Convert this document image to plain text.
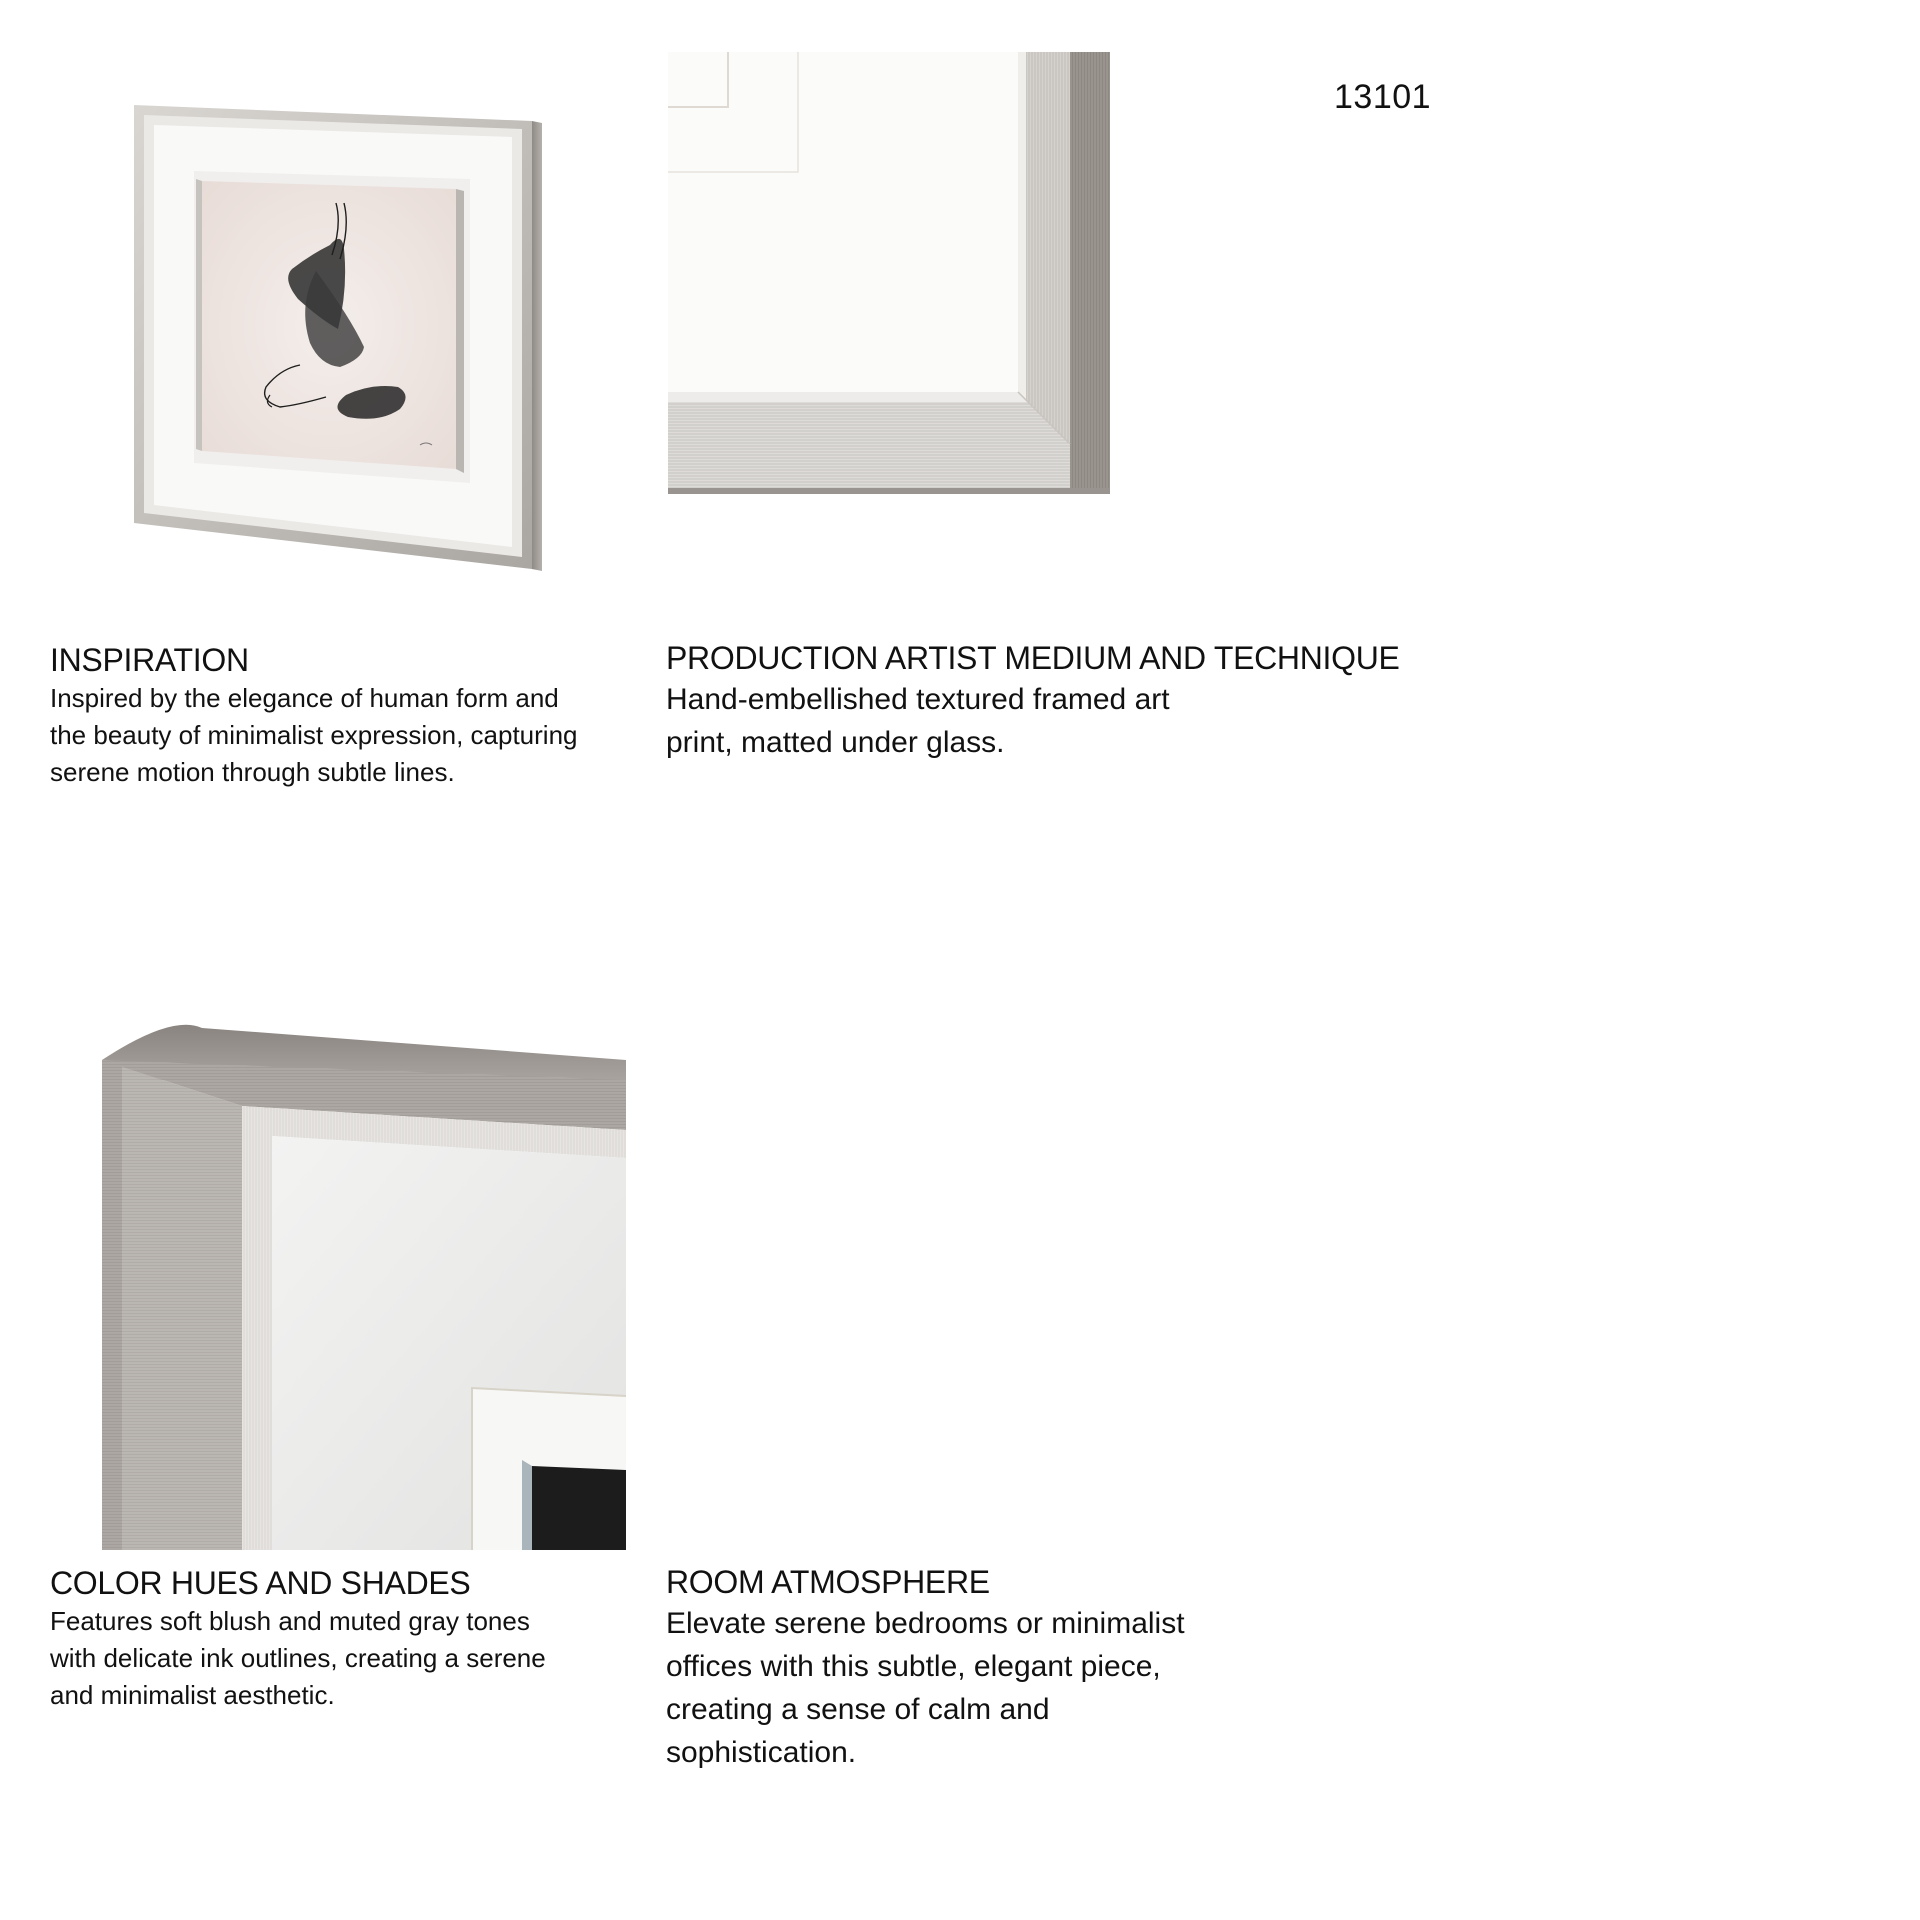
13101
INSPIRATION

Inspired by the elegance of human form and
the beauty of minimalist expression, capturing
serene motion through subtle lines.

PRODUCTION ARTIST MEDIUM AND TECHNIQUE

Hand-embellished textured framed art
print, matted under glass.

COLOR HUES AND SHADES

Features soft blush and muted gray tones
with delicate ink outlines, creating a serene
and minimalist aesthetic.

ROOM ATMOSPHERE

Elevate serene bedrooms or minimalist
offices with this subtle, elegant piece,
creating a sense of calm and
sophistication.
